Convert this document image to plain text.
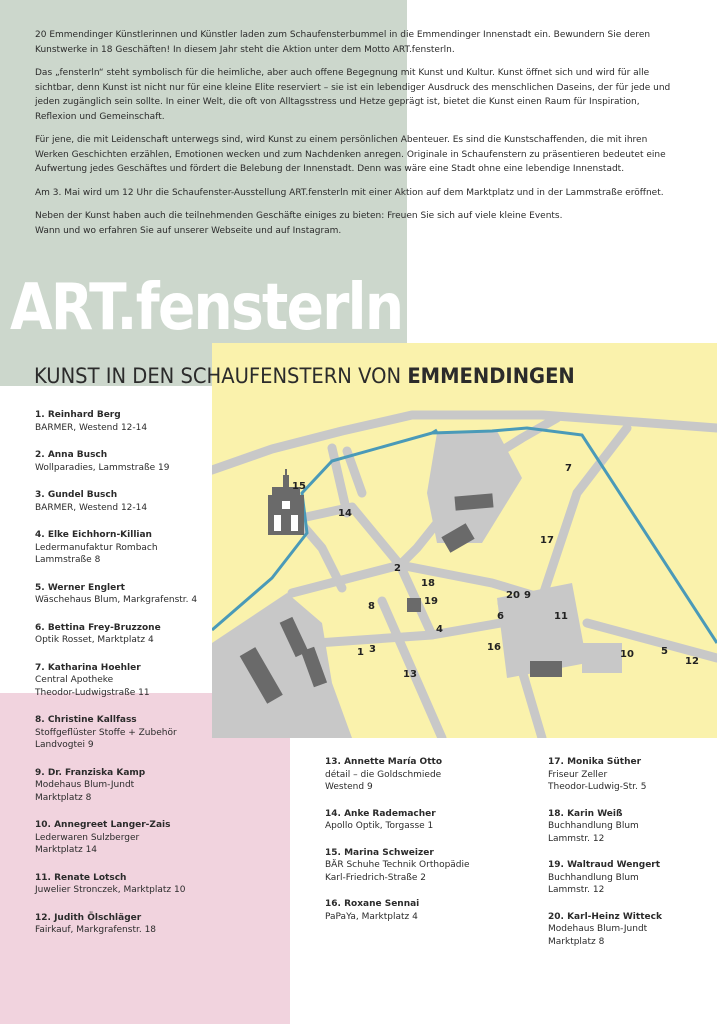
20 Emmendinger Künstlerinnen und Künstler laden zum Schaufensterbummel in die Emmendinger Innenstadt ein. Bewundern Sie deren Kunstwerke in 18 Geschäften! In diesem Jahr steht die Aktion unter dem Motto ART.fensterln.

Das „fensterln“ steht symbolisch für die heimliche, aber auch offene Begegnung mit Kunst und Kultur. Kunst öffnet sich und wird für alle sichtbar, denn Kunst ist nicht nur für eine kleine Elite reserviert – sie ist ein lebendiger Ausdruck des menschlichen Daseins, der für jede und jeden zugänglich sein sollte. In einer Welt, die oft von Alltagsstress und Hetze geprägt ist, bietet die Kunst einen Raum für Inspiration, Reflexion und Gemeinschaft.

Für jene, die mit Leidenschaft unterwegs sind, wird Kunst zu einem persönlichen Abenteuer. Es sind die Kunstschaffenden, die mit ihren Werken Geschichten erzählen, Emotionen wecken und zum Nachdenken anregen. Originale in Schaufenstern zu präsentieren bedeutet eine Aufwertung jedes Geschäftes und fördert die Belebung der Innenstadt. Denn was wäre eine Stadt ohne eine lebendige Innenstadt.

Am 3. Mai wird um 12 Uhr die Schaufenster-Ausstellung ART.fensterln mit einer Aktion auf dem Marktplatz und in der Lammstraße eröffnet.

Neben der Kunst haben auch die teilnehmenden Geschäfte einiges zu bieten: Freuen Sie sich auf viele kleine Events.

Wann und wo erfahren Sie auf unserer Webseite und auf Instagram.

ART.fensterln
KUNST IN DEN SCHAUFENSTERN VON EMMENDINGEN
1. Reinhard Berg
BARMER, Westend 12-14
2. Anna Busch
Wollparadies, Lammstraße 19
3. Gundel Busch
BARMER, Westend 12-14
4. Elke Eichhorn-Killian
Ledermanufaktur Rombach
Lammstraße 8
5. Werner Englert
Wäschehaus Blum, Markgrafenstr. 4
6. Bettina Frey-Bruzzone
Optik Rosset, Marktplatz 4
7. Katharina Hoehler
Central Apotheke
Theodor-Ludwigstraße 11
8. Christine Kallfass
Stoffgeflüster Stoffe + Zubehör
Landvogtei 9
9. Dr. Franziska Kamp
Modehaus Blum-Jundt
Marktplatz 8
10. Annegreet Langer-Zais
Lederwaren Sulzberger
Marktplatz 14
11. Renate Lotsch
Juwelier Stronczek, Marktplatz 10
12. Judith Ölschläger
Fairkauf, Markgrafenstr. 18
13. Annette María Otto
détail – die Goldschmiede
Westend 9
14. Anke Rademacher
Apollo Optik, Torgasse 1
15. Marina Schweizer
BÄR Schuhe Technik Orthopädie
Karl-Friedrich-Straße 2
16. Roxane Sennai
PaPaYa, Marktplatz 4
17. Monika Süther
Friseur Zeller
Theodor-Ludwig-Str. 5
18. Karin Weiß
Buchhandlung Blum
Lammstr. 12
19. Waltraud Wengert
Buchhandlung Blum
Lammstr. 12
20. Karl-Heinz Witteck
Modehaus Blum-Jundt
Marktplatz 8
1
2
3
4
5
6
7
8
9
10
11
12
13
14
15
16
17
18
19
20
